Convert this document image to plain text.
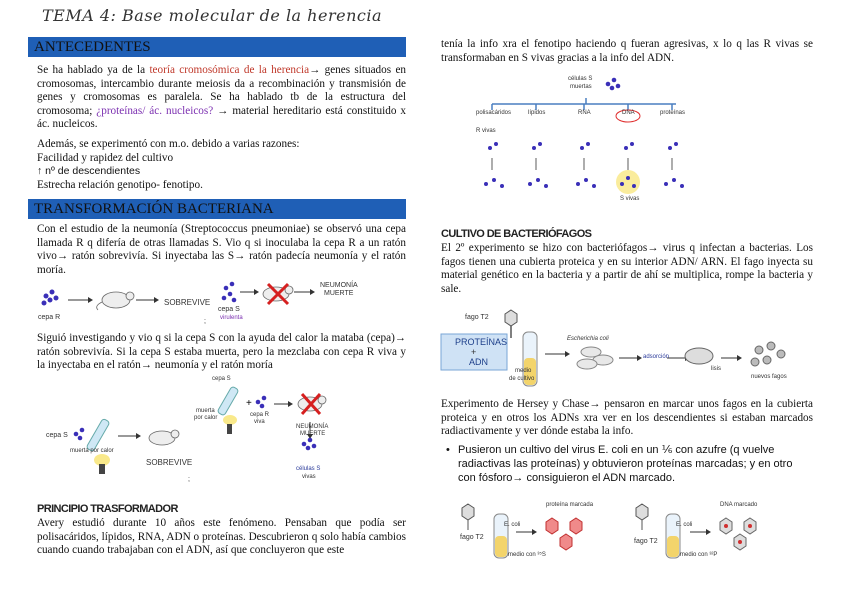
TEMA 4: Base molecular de la herencia
ANTECEDENTES
Se ha hablado ya de la teoría cromosómica de la herencia→ genes situados en cromosomas, intercambio durante meiosis da a recombinación y transmisión de genes y cromosomas es paralela. Se ha hablado tb de la estructura del cromosoma; ¿proteínas/ ác. nucleicos? → material hereditario está constituido x ác. nucleicos.
Además, se experimentó con m.o. debido a varias razones:
Facilidad y rapidez del cultivo
↑ nº de descendientes
Estrecha relación genotipo- fenotipo.
TRANSFORMACIÓN BACTERIANA
Con el estudio de la neumonía (Streptococcus pneumoniae) se observó una cepa llamada R q difería de otras llamadas S. Vio q si inoculaba la cepa R a un ratón vivo→ ratón sobrevivía. Si inyectaba las S→ ratón padecía neumonía y el ratón moría.
cepa R
SOBREVIVE
cepa S
virulenta
;
NEUMONÍA
MUERTE
Siguió investigando y vio q si la cepa S con la ayuda del calor la mataba (cepa)→ ratón sobrevivía. Si la cepa S estaba muerta, pero la mezclaba con cepa R viva y la inyectaba en el ratón→ neumonía y el ratón moría
+
cepa S
muerta por calor
SOBREVIVE
cepa S
muerta
por calor	cepa R
viva
NEUMONÍA
MUERTE
células S
vivas
;
PRINCIPIO TRASFORMADOR
Avery estudió durante 10 años este fenómeno. Pensaban que podía ser polisacáridos, lípidos, RNA, ADN o proteínas. Descubrieron q solo había cambios cuando cuando trabajaban con el ADN, así que concluyeron que este
tenía la info xra el fenotipo haciendo q fueran agresivas, x lo q las R vivas se transformaban en S vivas gracias a la info del ADN.
células S
muertas
polisacáridos	lípidos	RNA	DNA	proteínas
R vivas
S vivas
CULTIVO DE BACTERIÓFAGOS
El 2º experimento se hizo con bacteriófagos→ virus q infectan a bacterias. Los fagos tienen una cubierta proteica y en su interior ADN/ ARN. El fago inyecta su material genético en la bacteria y a partir de ahí se multiplica, rompe la bacteria y sale.
fago T2
PROTEÍNAS
+
ADN
medio
de cultivo
Escherichia coli
adsorción
lisis
nuevos fagos
Experimento de Hersey y Chase→ pensaron en marcar unos fagos en la cubierta proteica y en otros los ADNs xra ver en los descendientes si estaban marcados radiactivamente y ver dónde estaba la info.
• Pusieron un cultivo del virus E. coli en un ⅙ con azufre (q vuelve radiactivas las proteínas) y obtuvieron proteínas marcadas; y en otro con fósforo→ consiguieron el ADN marcado.
E. coli
fago T2
medio con ³⁵S
proteína marcada
E. coli
fago T2
medio con ³²P
DNA marcado
